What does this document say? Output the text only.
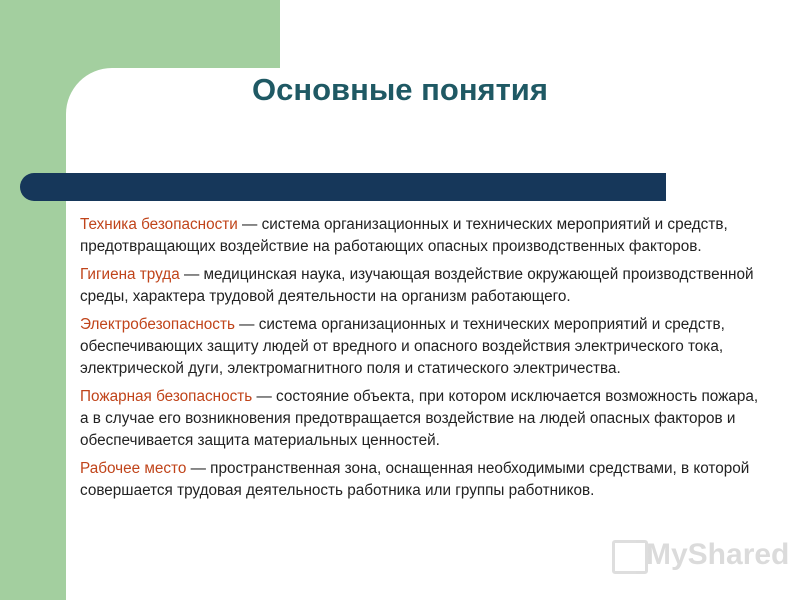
Основные понятия

Техника безопасности — система организационных и технических мероприятий и средств, предотвращающих воздействие на работающих опасных производственных факторов.

Гигиена труда — медицинская наука, изучающая воздействие окружающей производственной среды, характера трудовой деятельности на организм работающего.

Электробезопасность — система организационных и технических мероприятий и средств, обеспечивающих защиту людей от вредного и опасного воздействия электрического тока, электрической дуги, электромагнитного поля и статического электричества.

Пожарная безопасность — состояние объекта, при котором исключается возможность пожара, а в случае его возникновения предотвращается воздействие на людей опасных факторов и обеспечивается защита материальных ценностей.

Рабочее место — пространственная зона, оснащенная необходимыми средствами, в которой совершается трудовая деятельность работника или группы работников.

MyShared
